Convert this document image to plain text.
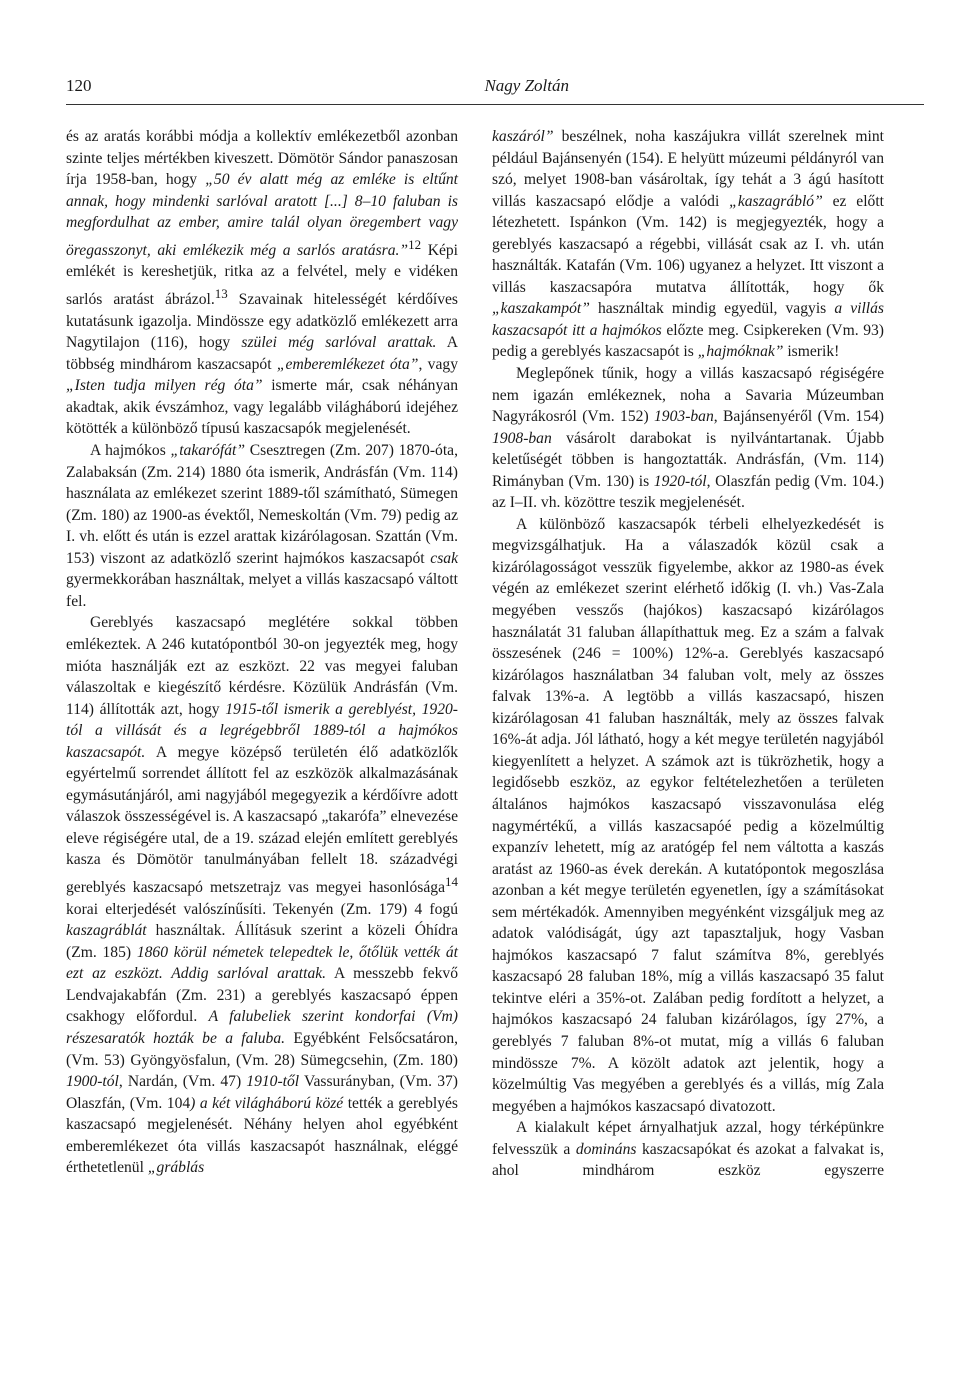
120	Nagy Zoltán

és az aratás korábbi módja a kollektív emlékezetből azonban szinte teljes mértékben kiveszett. Dömötör Sándor panaszosan írja 1958-ban, hogy „50 év alatt még az emléke is eltűnt annak, hogy mindenki sarlóval aratott [...] 8–10 faluban is megfordulhat az ember, amire talál olyan öregembert vagy öregasszonyt, aki emlékezik még a sarlós aratásra.”$^{12}$ Képi emlékét is kereshetjük, ritka az a felvétel, mely e vidéken sarlós aratást ábrázol.$^{13}$ Szavainak hitelességét kérdőíves kutatásunk igazolja. Mindössze egy adatközlő emlékezett arra Nagytilajon (116), hogy szülei még sarlóval arattak. A többség mindhárom kaszacsapót „emberemlékezet óta”, vagy „Isten tudja milyen rég óta” ismerte már, csak néhányan akadtak, akik évszámhoz, vagy legalább világháború idejéhez kötötték a különböző típusú kaszacsapók megjelenését.

A hajmókos „takarófát” Csesztregen (Zm. 207) 1870-óta, Zalabaksán (Zm. 214) 1880 óta ismerik, Andrásfán (Vm. 114) használata az emlékezet szerint 1889-től számítható, Sümegen (Zm. 180) az 1900-as évektől, Nemeskoltán (Vm. 79) pedig az I. vh. előtt és után is ezzel arattak kizárólagosan. Szattán (Vm. 153) viszont az adatközlő szerint hajmókos kaszacsapót csak gyermekkorában használtak, melyet a villás kaszacsapó váltott fel.

Gereblyés kaszacsapó meglétére sokkal többen emlékeztek. A 246 kutatópontból 30-on jegyezték meg, hogy mióta használják ezt az eszközt. 22 vas megyei faluban válaszoltak e kiegészítő kérdésre. Közülük Andrásfán (Vm. 114) állították azt, hogy 1915-től ismerik a gereblyést, 1920-tól a villását és a legrégebbről 1889-tól a hajmókos kaszacsapót. A megye középső területén élő adatközlők egyértelmű sorrendet állított fel az eszközök alkalmazásának egymásutánjáról, ami nagyjából megegyezik a kérdőívre adott válaszok összességével is. A kaszacsapó „takarófa” elnevezése eleve régiségére utal, de a 19. század elején említett gereblyés kasza és Dömötör tanulmányában fellelt 18. századvégi gereblyés kaszacsapó metszetrajz vas megyei hasonlósága$^{14}$ korai elterjedését valószínűsíti. Tekenyén (Zm. 179) 4 fogú kaszagráblát használtak. Állításuk szerint a közeli Óhídra (Zm. 185) 1860 körül németek telepedtek le, őtőlük vették át ezt az eszközt. Addig sarlóval arattak. A messzebb fekvő Lendvajakabfán (Zm. 231) a gereblyés kaszacsapó éppen csakhogy előfordul. A falubeliek szerint kondorfai (Vm) részesaratók hozták be a faluba. Egyébként Felsőcsatáron, (Vm. 53) Gyöngyösfalun, (Vm. 28) Sümegcsehin, (Zm. 180) 1900-tól, Nardán, (Vm. 47) 1910-től Vassurányban, (Vm. 37) Olaszfán, (Vm. 104) a két világháború közé tették a gereblyés kaszacsapó megjelenését. Néhány helyen ahol egyébként emberemlékezet óta villás kaszacsapót használnak, eléggé érthetetlenül „gráblás

kaszáról” beszélnek, noha kaszájukra villát szerelnek mint például Bajánsenyén (154). E helyütt múzeumi példányról van szó, melyet 1908-ban vásároltak, így tehát a 3 ágú hasított villás kaszacsapó elődje a valódi „kaszagrábló” ez előtt létezhetett. Ispánkon (Vm. 142) is megjegyezték, hogy a gereblyés kaszacsapó a régebbi, villását csak az I. vh. után használták. Katafán (Vm. 106) ugyanez a helyzet. Itt viszont a villás kaszacsapóra mutatva állították, hogy ők „kaszakampót” használtak mindig egyedül, vagyis a villás kaszacsapót itt a hajmókos előzte meg. Csipkereken (Vm. 93) pedig a gereblyés kaszacsapót is „hajmóknak” ismerik!

Meglepőnek tűnik, hogy a villás kaszacsapó régiségére nem igazán emlékeznek, noha a Savaria Múzeumban Nagyrákosról (Vm. 152) 1903-ban, Bajánsenyéről (Vm. 154) 1908-ban vásárolt darabokat is nyilvántartanak. Újabb keletűségét többen is hangoztatták. Andrásfán, (Vm. 114) Rimányban (Vm. 130) is 1920-tól, Olaszfán pedig (Vm. 104.) az I–II. vh. közöttre teszik megjelenését.

A különböző kaszacsapók térbeli elhelyezkedését is megvizsgálhatjuk. Ha a válaszadók közül csak a kizárólagosságot vesszük figyelembe, akkor az 1980-as évek végén az emlékezet szerint elérhető időkig (I. vh.) Vas-Zala megyében vesszős (hajókos) kaszacsapó kizárólagos használatát 31 faluban állapíthattuk meg. Ez a szám a falvak összesének (246 = 100%) 12%-a. Gereblyés kaszacsapó kizárólagos használatban 34 faluban volt, mely az összes falvak 13%-a. A legtöbb a villás kaszacsapó, hiszen kizárólagosan 41 faluban használták, mely az összes falvak 16%-át adja. Jól látható, hogy a két megye területén nagyjából kiegyenlített a helyzet. A számok azt is tükrözhetik, hogy a legidősebb eszköz, az egykor feltételezhetően a területen általános hajmókos kaszacsapó visszavonulása elég nagymértékű, a villás kaszacsapóé pedig a közelmúltig expanzív lehetett, míg az aratógép fel nem váltotta a kaszás aratást az 1960-as évek derekán. A kutatópontok megoszlása azonban a két megye területén egyenetlen, így a számításokat sem mértékadók. Amennyiben megyénként vizsgáljuk meg az adatok valódiságát, úgy azt tapasztaljuk, hogy Vasban hajmókos kaszacsapó 7 falut számítva 8%, gereblyés kaszacsapó 28 faluban 18%, míg a villás kaszacsapó 35 falut tekintve eléri a 35%-ot. Zalában pedig fordított a helyzet, a hajmókos kaszacsapó 24 faluban kizárólagos, így 27%, a gereblyés 7 faluban 8%-ot mutat, míg a villás 6 faluban mindössze 7%. A közölt adatok azt jelentik, hogy a közelmúltig Vas megyében a gereblyés és a villás, míg Zala megyében a hajmókos kaszacsapó divatozott.

A kialakult képet árnyalhatjuk azzal, hogy térképünkre felvesszük a domináns kaszacsapókat és azokat a falvakat is, ahol mindhárom eszköz egyszerre
